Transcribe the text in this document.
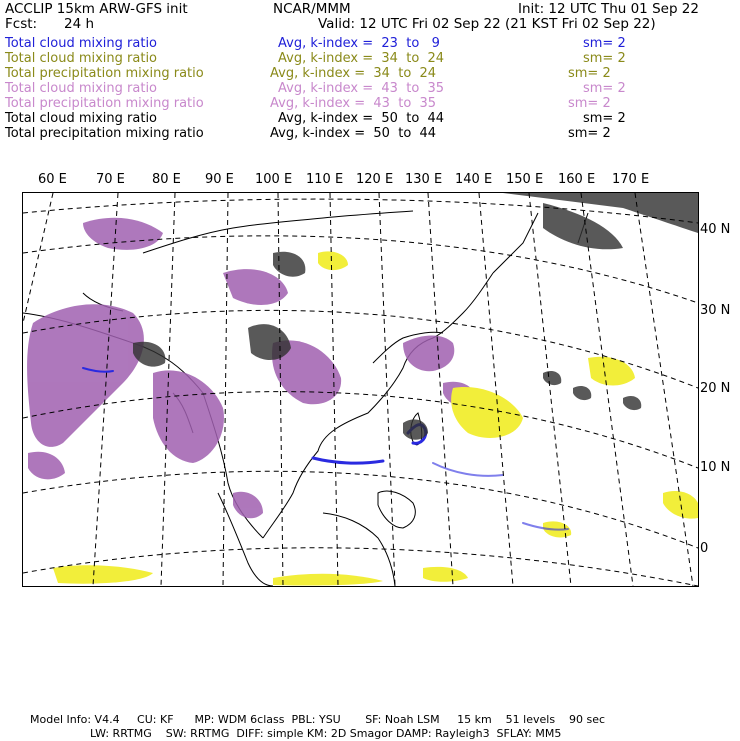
ACCLIP 15km ARW-GFS init	NCAR/MMM	Init: 12 UTC Thu 01 Sep 22
Fcst: 24 h	Valid: 12 UTC Fri 02 Sep 22 (21 KST Fri 02 Sep 22)
Total cloud mixing ratio	Avg, k-index =  23  to   9	sm= 2
Total cloud mixing ratio	Avg, k-index =  34  to  24	sm= 2
Total precipitation mixing ratio	Avg, k-index =  34  to  24	sm= 2
Total cloud mixing ratio	Avg, k-index =  43  to  35	sm= 2
Total precipitation mixing ratio	Avg, k-index =  43  to  35	sm= 2
Total cloud mixing ratio	Avg, k-index =  50  to  44	sm= 2
Total precipitation mixing ratio	Avg, k-index =  50  to  44	sm= 2
60 E 70 E 80 E 90 E 100 E 110 E 120 E 130 E 140 E 150 E 160 E 170 E
40 N
30 N
20 N
10 N
0
Model Info: V4.4     CU: KF      MP: WDM 6class  PBL: YSU       SF: Noah LSM     15 km    51 levels    90 sec
LW: RRTMG    SW: RRTMG  DIFF: simple KM: 2D Smagor DAMP: Rayleigh3  SFLAY: MM5
